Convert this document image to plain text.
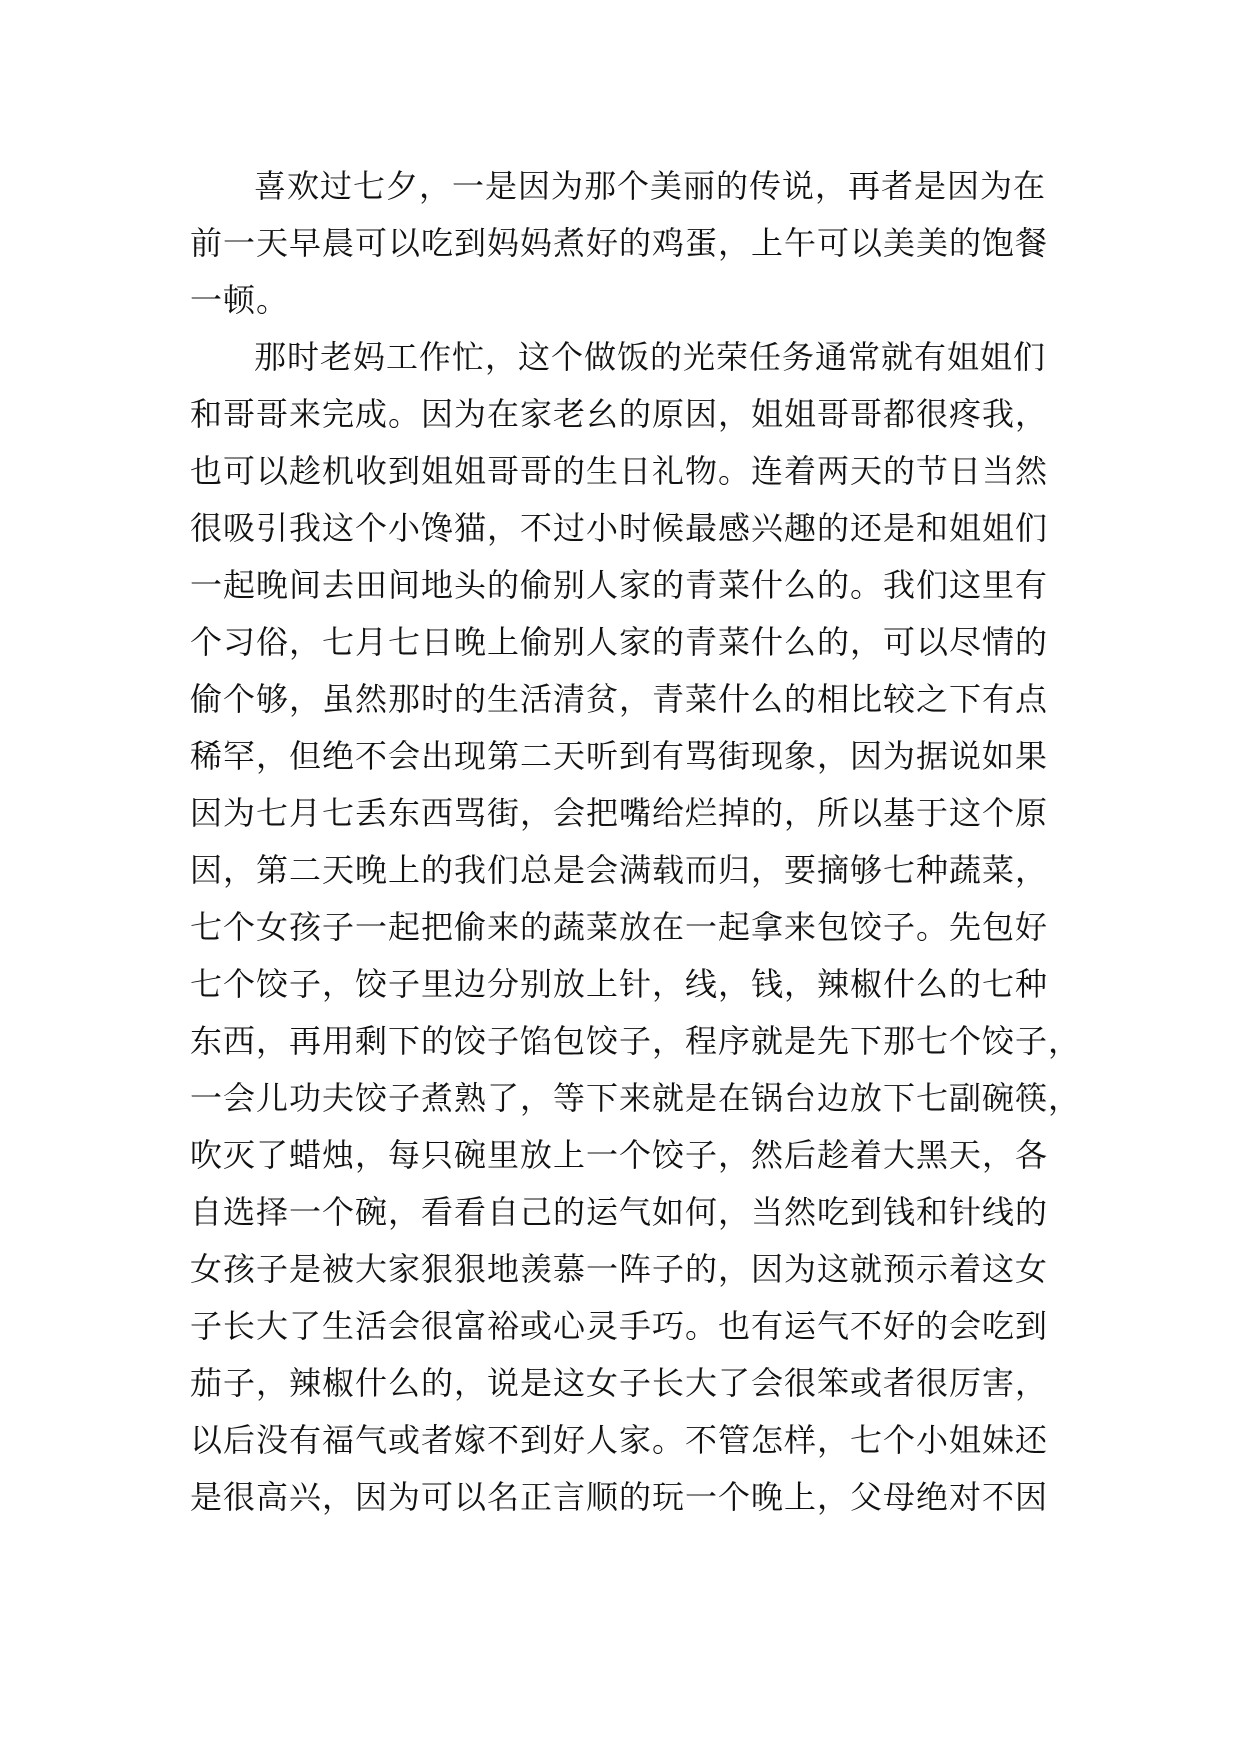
喜欢过七夕，一是因为那个美丽的传说，再者是因为在
前一天早晨可以吃到妈妈煮好的鸡蛋，上午可以美美的饱餐
一顿。
那时老妈工作忙，这个做饭的光荣任务通常就有姐姐们
和哥哥来完成。因为在家老幺的原因，姐姐哥哥都很疼我，
也可以趁机收到姐姐哥哥的生日礼物。连着两天的节日当然
很吸引我这个小馋猫，不过小时候最感兴趣的还是和姐姐们
一起晚间去田间地头的偷别人家的青菜什么的。我们这里有
个习俗，七月七日晚上偷别人家的青菜什么的，可以尽情的
偷个够，虽然那时的生活清贫，青菜什么的相比较之下有点
稀罕，但绝不会出现第二天听到有骂街现象，因为据说如果
因为七月七丢东西骂街，会把嘴给烂掉的，所以基于这个原
因，第二天晚上的我们总是会满载而归，要摘够七种蔬菜，
七个女孩子一起把偷来的蔬菜放在一起拿来包饺子。先包好
七个饺子，饺子里边分别放上针，线，钱，辣椒什么的七种
东西，再用剩下的饺子馅包饺子，程序就是先下那七个饺子，
一会儿功夫饺子煮熟了，等下来就是在锅台边放下七副碗筷，
吹灭了蜡烛，每只碗里放上一个饺子，然后趁着大黑天，各
自选择一个碗，看看自己的运气如何，当然吃到钱和针线的
女孩子是被大家狠狠地羡慕一阵子的，因为这就预示着这女
子长大了生活会很富裕或心灵手巧。也有运气不好的会吃到
茄子，辣椒什么的，说是这女子长大了会很笨或者很厉害，
以后没有福气或者嫁不到好人家。不管怎样，七个小姐妹还
是很高兴，因为可以名正言顺的玩一个晚上，父母绝对不因
